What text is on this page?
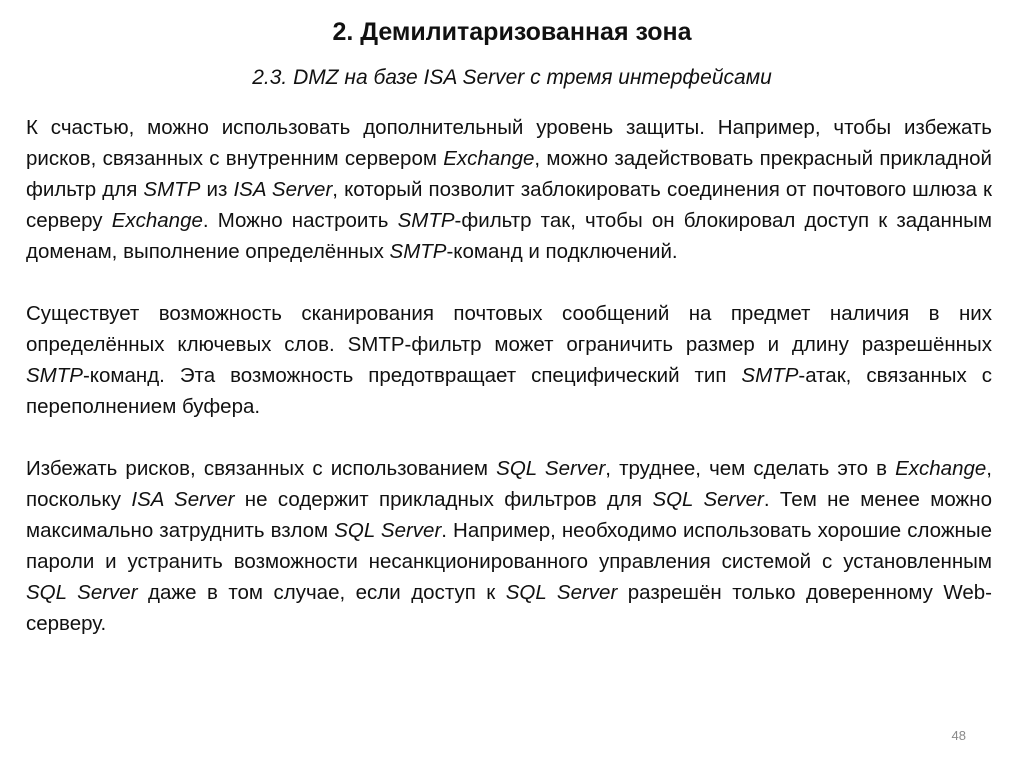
2. Демилитаризованная зона
2.3. DMZ на базе ISA Server с тремя интерфейсами

К счастью, можно использовать дополнительный уровень защиты. Например, чтобы избежать рисков, связанных с внутренним сервером Exchange, можно задействовать прекрасный прикладной фильтр для SMTP из ISA Server, который позволит заблокировать соединения от почтового шлюза к серверу Exchange. Можно настроить SMTP-фильтр так, чтобы он блокировал доступ к заданным доменам, выполнение определённых SMTP-команд и подключений.

Существует возможность сканирования почтовых сообщений на предмет наличия в них определённых ключевых слов. SMTP-фильтр может ограничить размер и длину разрешённых SMTP-команд. Эта возможность предотвращает специфический тип SMTP-атак, связанных с переполнением буфера.

Избежать рисков, связанных с использованием SQL Server, труднее, чем сделать это в Exchange, поскольку ISA Server не содержит прикладных фильтров для SQL Server. Тем не менее можно максимально затруднить взлом SQL Server. Например, необходимо использовать хорошие сложные пароли и устранить возможности несанкционированного управления системой с установленным SQL Server даже в том случае, если доступ к SQL Server разрешён только доверенному Web-серверу.

48
